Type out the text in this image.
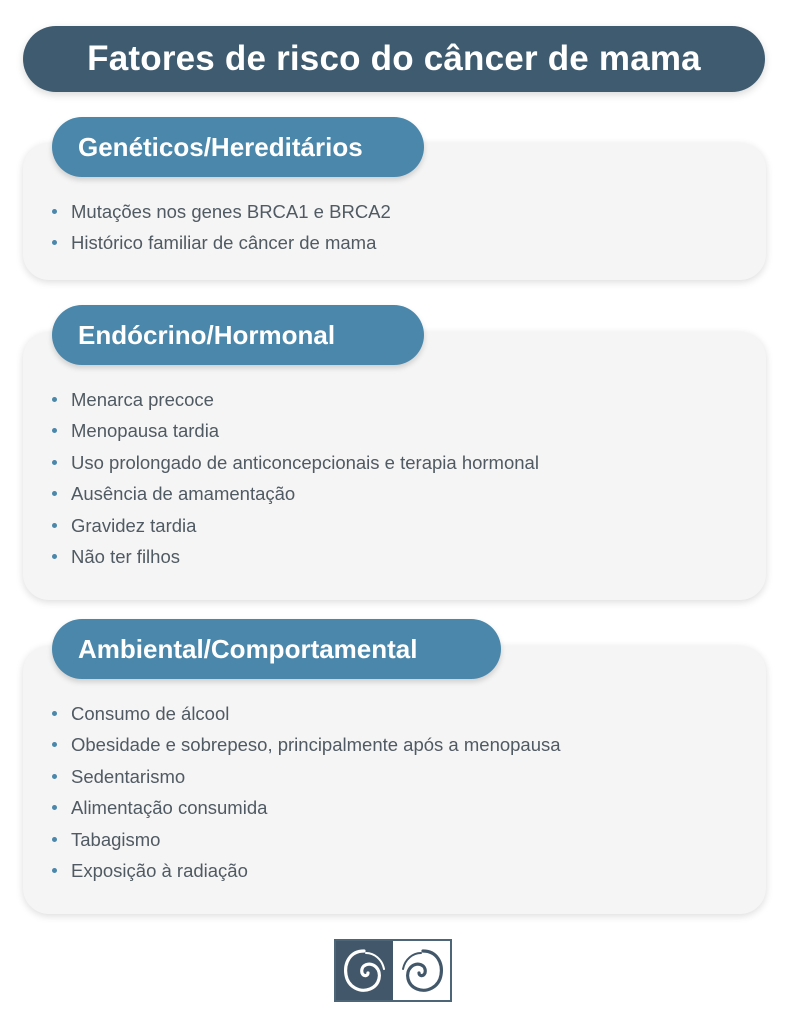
Fatores de risco do câncer de mama
Genéticos/Hereditários
Mutações nos genes BRCA1 e BRCA2
Histórico familiar de câncer de mama
Endócrino/Hormonal
Menarca precoce
Menopausa tardia
Uso prolongado de anticoncepcionais e terapia hormonal
Ausência de amamentação
Gravidez tardia
Não ter filhos
Ambiental/Comportamental
Consumo de álcool
Obesidade e sobrepeso, principalmente após a menopausa
Sedentarismo
Alimentação consumida
Tabagismo
Exposição à radiação
